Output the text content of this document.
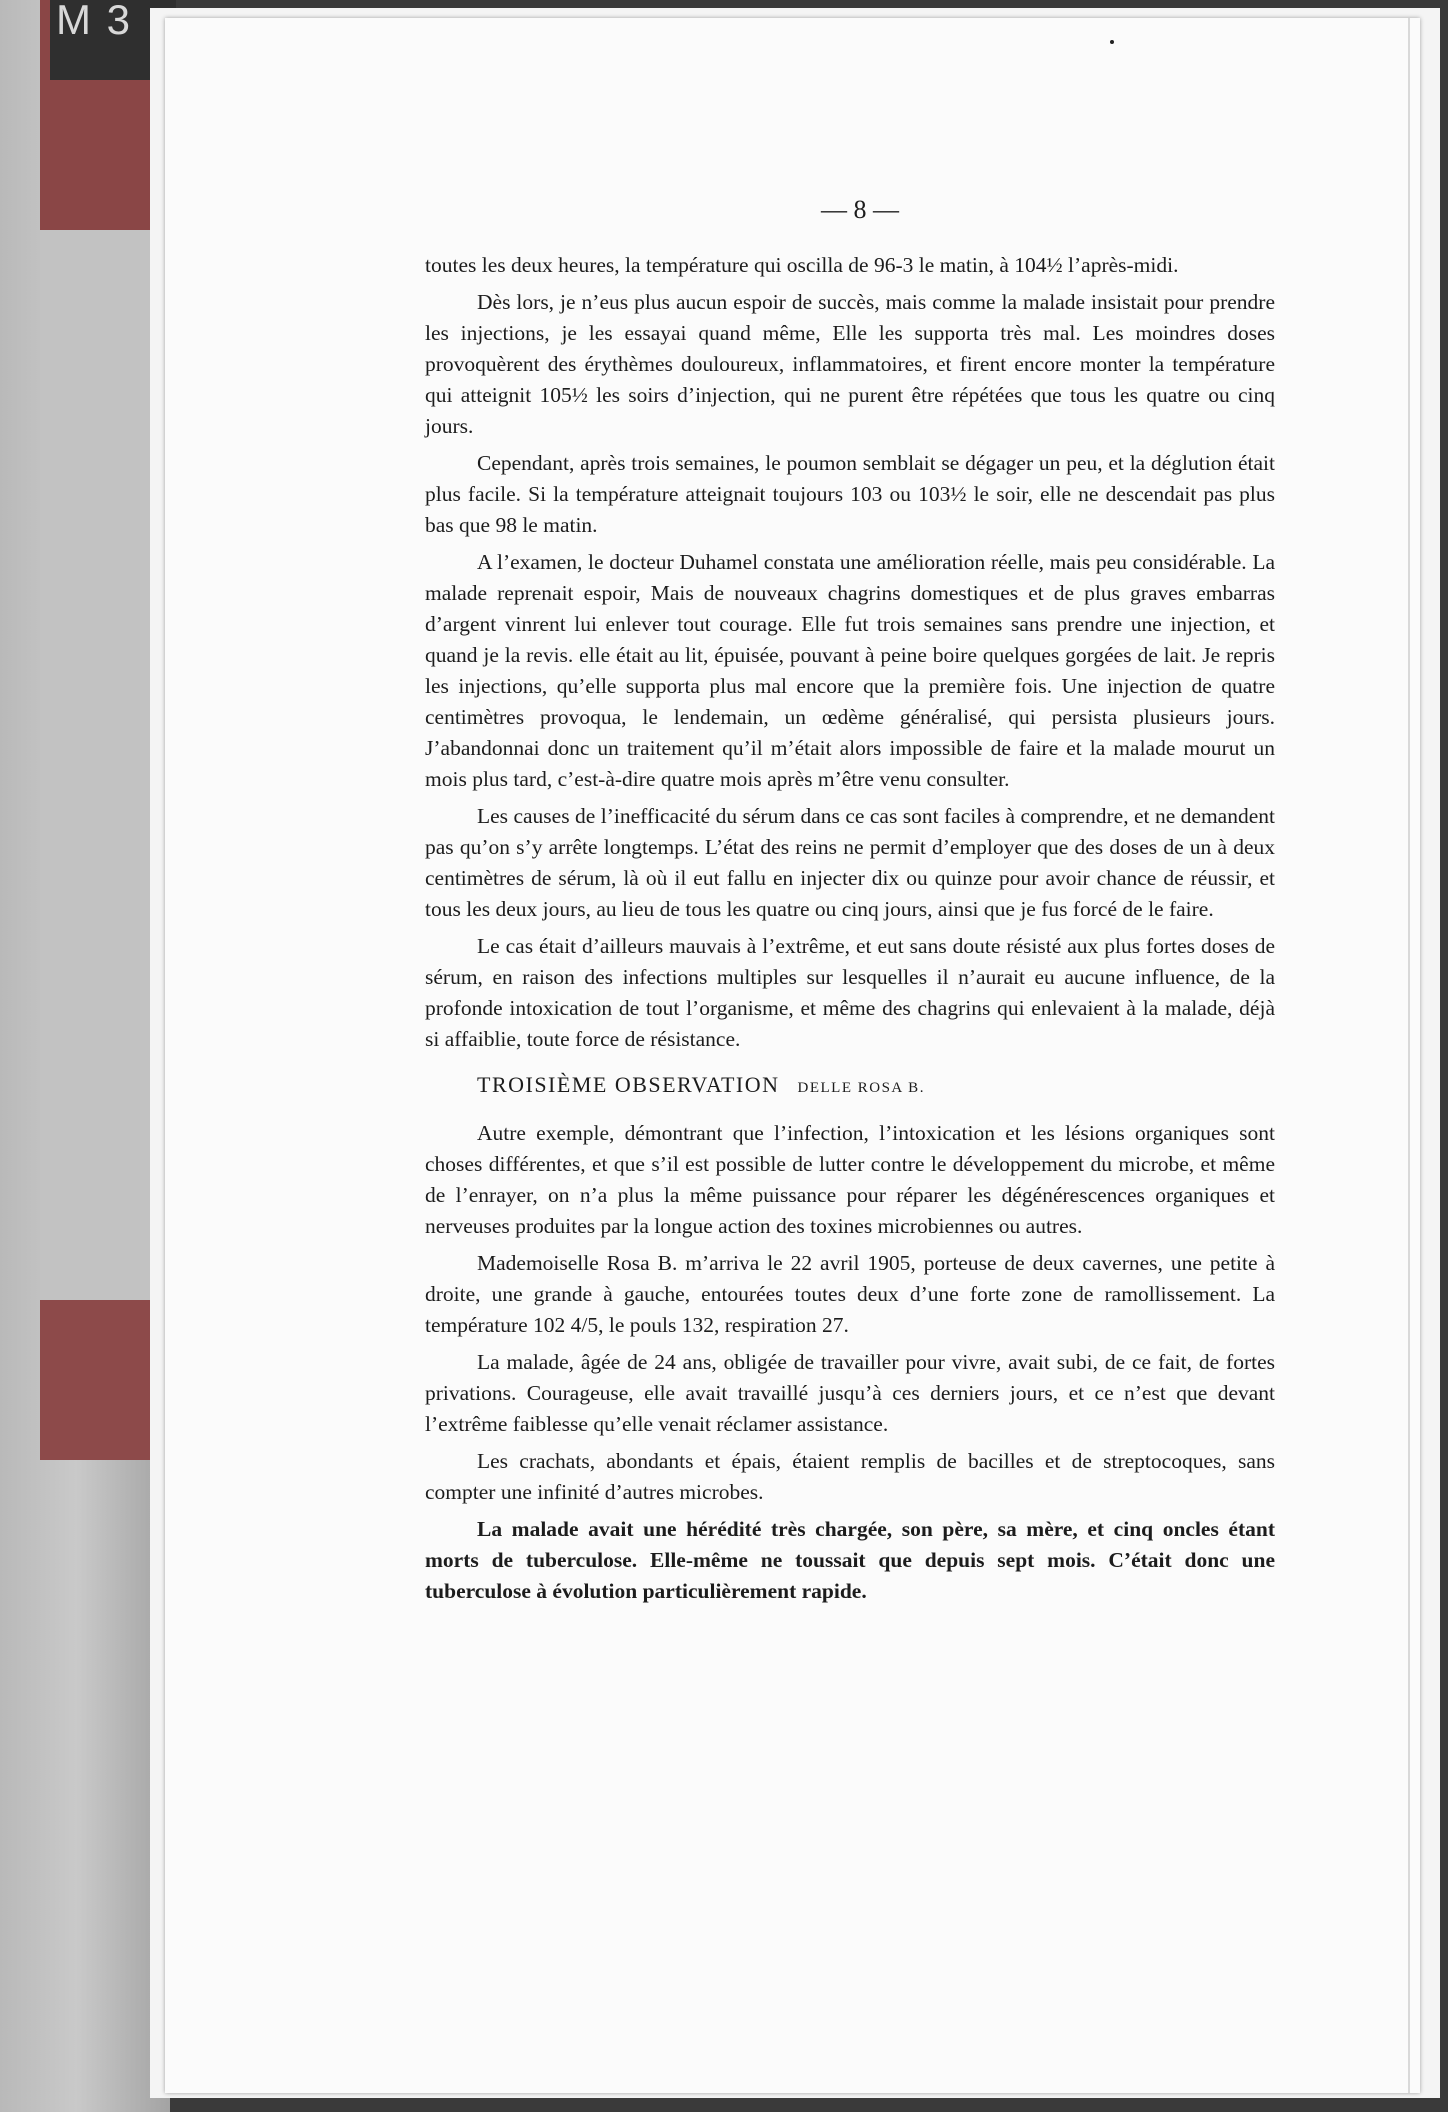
M 3
— 8 —

toutes les deux heures, la température qui oscilla de 96-3 le matin, à 104½ l’après-midi.

Dès lors, je n’eus plus aucun espoir de succès, mais comme la malade insistait pour prendre les injections, je les essayai quand même, Elle les supporta très mal. Les moindres doses provoquèrent des érythèmes douloureux, inflammatoires, et firent encore monter la température qui atteignit 105½ les soirs d’injection, qui ne purent être répétées que tous les quatre ou cinq jours.

Cependant, après trois semaines, le poumon semblait se dégager un peu, et la déglution était plus facile. Si la température atteignait toujours 103 ou 103½ le soir, elle ne descendait pas plus bas que 98 le matin.

A l’examen, le docteur Duhamel constata une amélioration réelle, mais peu considérable. La malade reprenait espoir, Mais de nouveaux chagrins domestiques et de plus graves embarras d’argent vinrent lui enlever tout courage. Elle fut trois semaines sans prendre une injection, et quand je la revis. elle était au lit, épuisée, pouvant à peine boire quelques gorgées de lait. Je repris les injections, qu’elle supporta plus mal encore que la première fois. Une injection de quatre centimètres provoqua, le lendemain, un œdème généralisé, qui persista plusieurs jours. J’abandonnai donc un traitement qu’il m’était alors impossible de faire et la malade mourut un mois plus tard, c’est-à-dire quatre mois après m’être venu consulter.

Les causes de l’inefficacité du sérum dans ce cas sont faciles à comprendre, et ne demandent pas qu’on s’y arrête longtemps. L’état des reins ne permit d’employer que des doses de un à deux centimètres de sérum, là où il eut fallu en injecter dix ou quinze pour avoir chance de réussir, et tous les deux jours, au lieu de tous les quatre ou cinq jours, ainsi que je fus forcé de le faire.

Le cas était d’ailleurs mauvais à l’extrême, et eut sans doute résisté aux plus fortes doses de sérum, en raison des infections multiples sur lesquelles il n’aurait eu aucune influence, de la profonde intoxication de tout l’organisme, et même des chagrins qui enlevaient à la malade, déjà si affaiblie, toute force de résistance.

TROISIÈME OBSERVATION DELLE ROSA B.

Autre exemple, démontrant que l’infection, l’intoxication et les lésions organiques sont choses différentes, et que s’il est possible de lutter contre le développement du microbe, et même de l’enrayer, on n’a plus la même puissance pour réparer les dégénérescences organiques et nerveuses produites par la longue action des toxines microbiennes ou autres.

Mademoiselle Rosa B. m’arriva le 22 avril 1905, porteuse de deux cavernes, une petite à droite, une grande à gauche, entourées toutes deux d’une forte zone de ramollissement. La température 102 4/5, le pouls 132, respiration 27.

La malade, âgée de 24 ans, obligée de travailler pour vivre, avait subi, de ce fait, de fortes privations. Courageuse, elle avait travaillé jusqu’à ces derniers jours, et ce n’est que devant l’extrême faiblesse qu’elle venait réclamer assistance.

Les crachats, abondants et épais, étaient remplis de bacilles et de streptocoques, sans compter une infinité d’autres microbes.

La malade avait une hérédité très chargée, son père, sa mère, et cinq oncles étant morts de tuberculose. Elle-même ne toussait que depuis sept mois. C’était donc une tuberculose à évolution particulièrement rapide.
